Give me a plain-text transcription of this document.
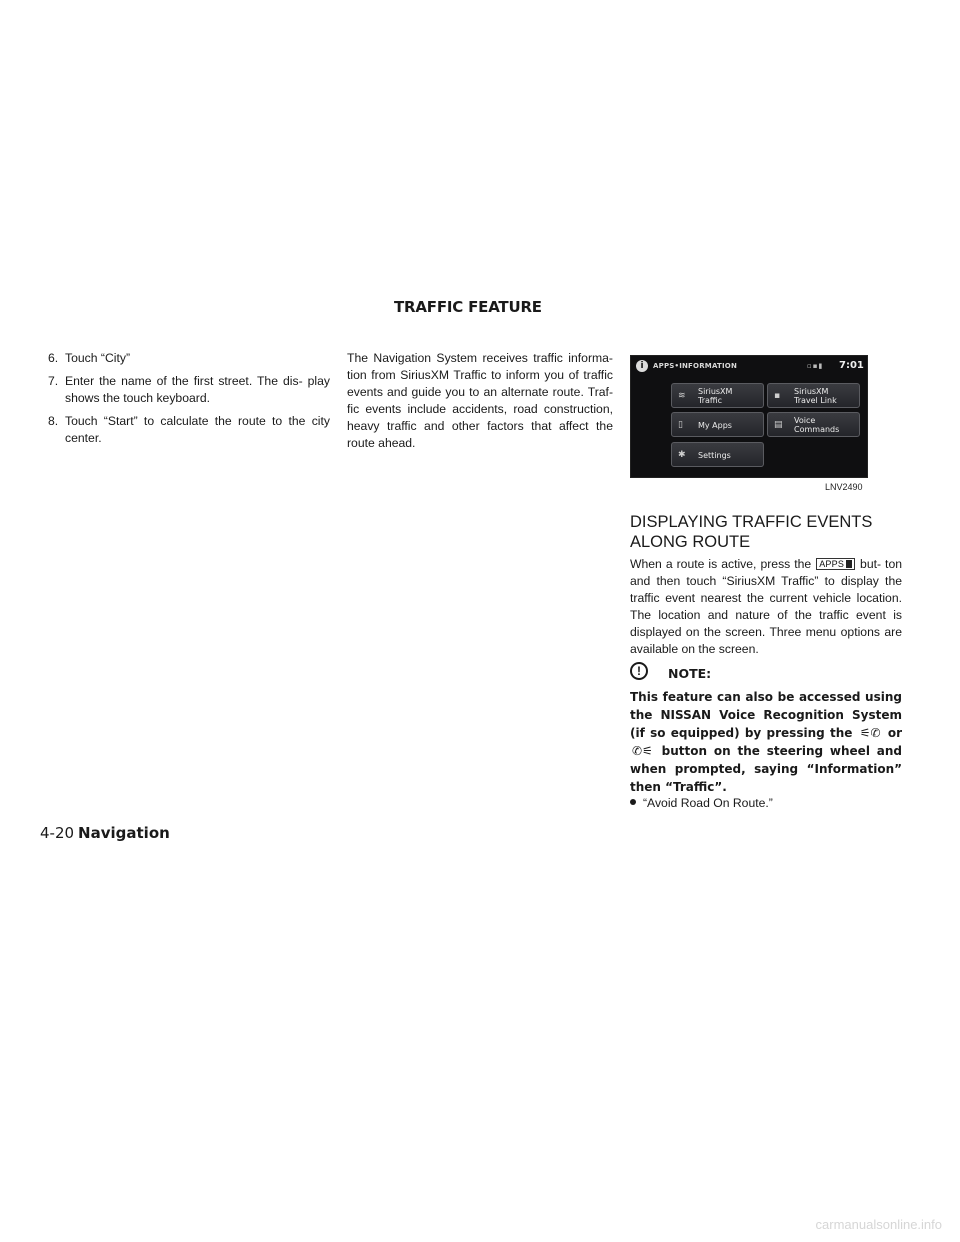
TRAFFIC FEATURE
6. Touch “City”
7. Enter the name of the first street. The dis- play shows the touch keyboard.
8. Touch “Start” to calculate the route to the city center.

The Navigation System receives traffic informa- tion from SiriusXM Traffic to inform you of traffic events and guide you to an alternate route. Traf- fic events include accidents, road construction, heavy traffic and other factors that affect the route ahead.

i	APPS•INFORMATION	▫▪▮ 7:01
≋ SiriusXM
Traffic	▪ SiriusXM
Travel Link
▯ My Apps	▤ Voice
Commands
✱ Settings
LNV2490
DISPLAYING TRAFFIC EVENTS
ALONG ROUTE

When a route is active, press the APPS but- ton and then touch “SiriusXM Traffic” to display the traffic event nearest the current vehicle location. The location and nature of the traffic event is displayed on the screen. Three menu options are available on the screen.

!	NOTE:

This feature can also be accessed using the NISSAN Voice Recognition System (if so equipped) by pressing the ⚟✆ or ✆⚟ button on the steering wheel and when prompted, saying “Information” then “Traffic”.

“Avoid Road On Route.”
4-20 Navigation
carmanualsonline.info
